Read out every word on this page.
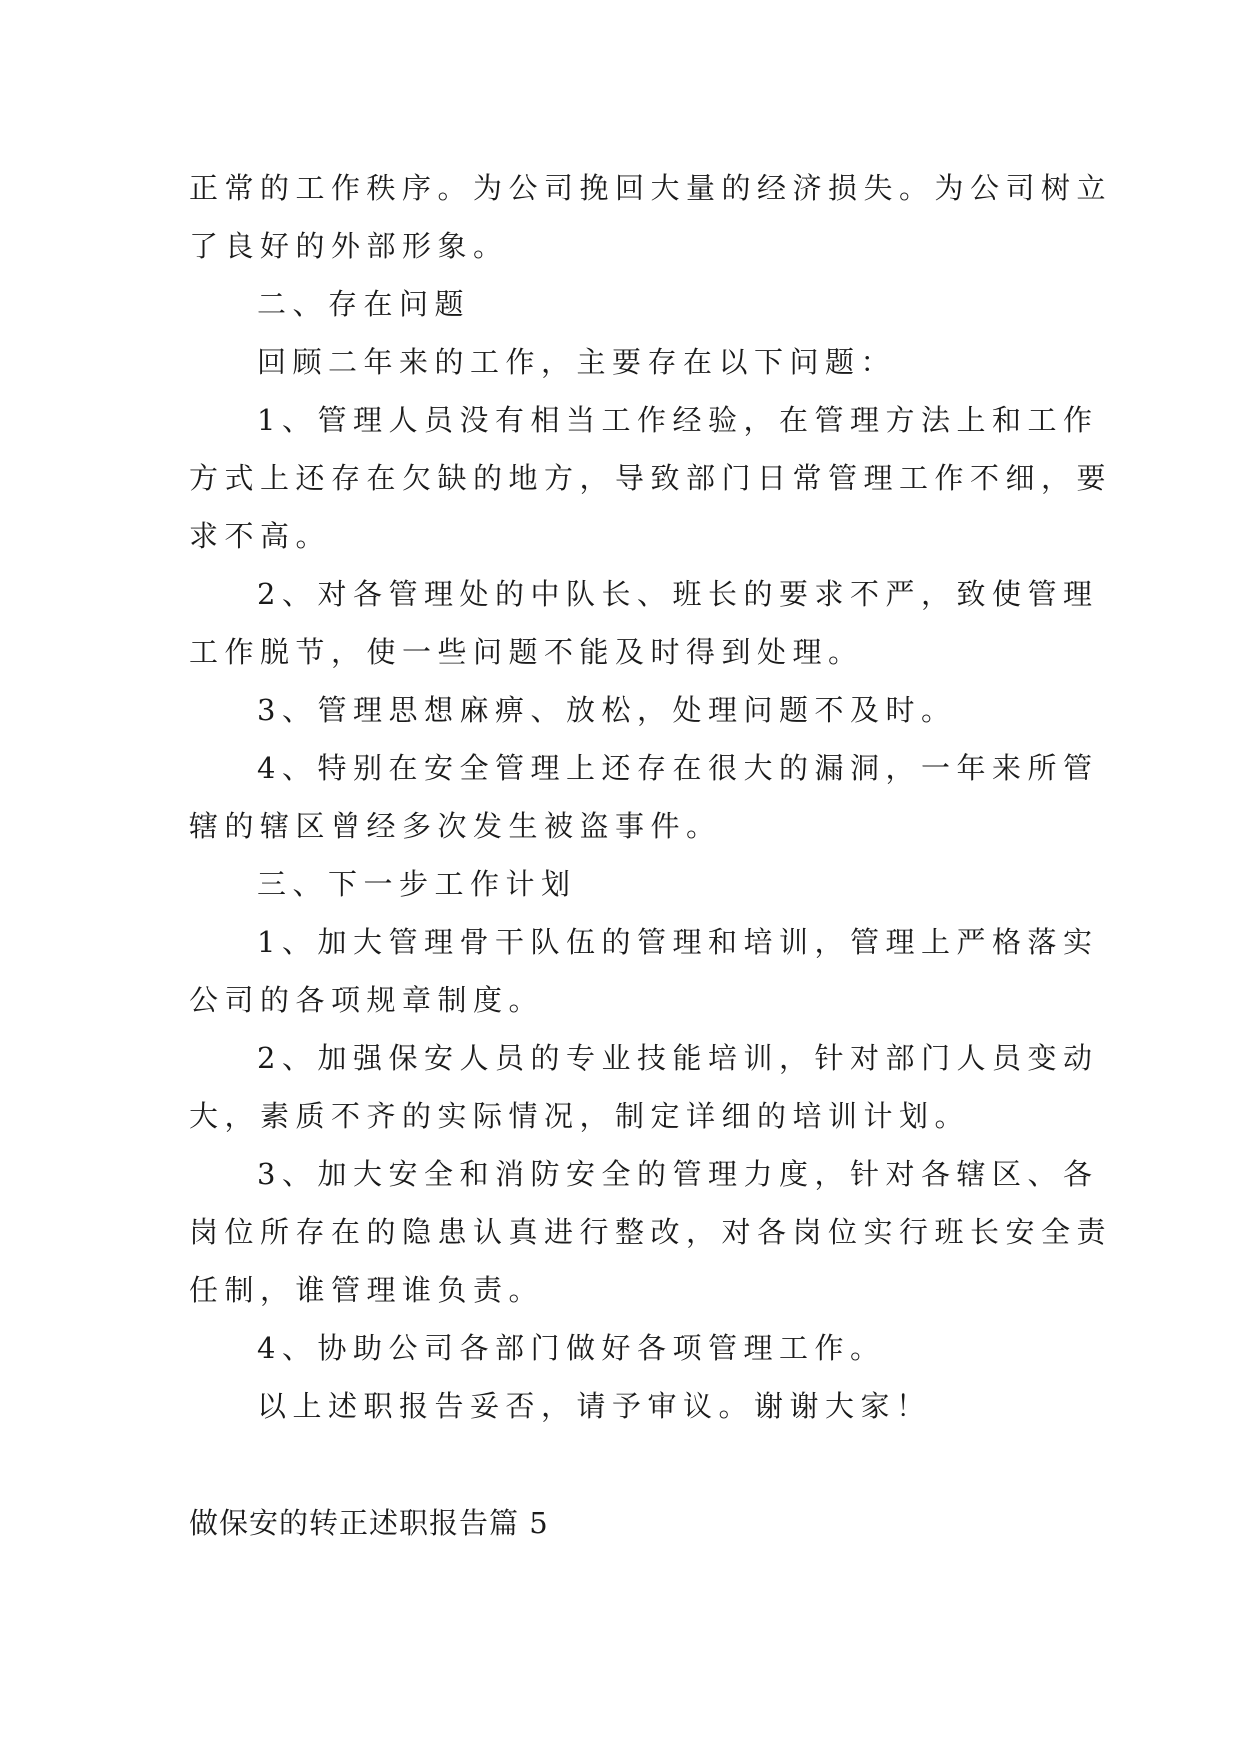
正常的工作秩序。为公司挽回大量的经济损失。为公司树立
了良好的外部形象。
二、存在问题
回顾二年来的工作，主要存在以下问题：
1、管理人员没有相当工作经验，在管理方法上和工作
方式上还存在欠缺的地方，导致部门日常管理工作不细，要
求不高。
2、对各管理处的中队长、班长的要求不严，致使管理
工作脱节，使一些问题不能及时得到处理。
3、管理思想麻痹、放松，处理问题不及时。
4、特别在安全管理上还存在很大的漏洞，一年来所管
辖的辖区曾经多次发生被盗事件。
三、下一步工作计划
1、加大管理骨干队伍的管理和培训，管理上严格落实
公司的各项规章制度。
2、加强保安人员的专业技能培训，针对部门人员变动
大，素质不齐的实际情况，制定详细的培训计划。
3、加大安全和消防安全的管理力度，针对各辖区、各
岗位所存在的隐患认真进行整改，对各岗位实行班长安全责
任制，谁管理谁负责。
4、协助公司各部门做好各项管理工作。
以上述职报告妥否，请予审议。谢谢大家！
做保安的转正述职报告篇 5
